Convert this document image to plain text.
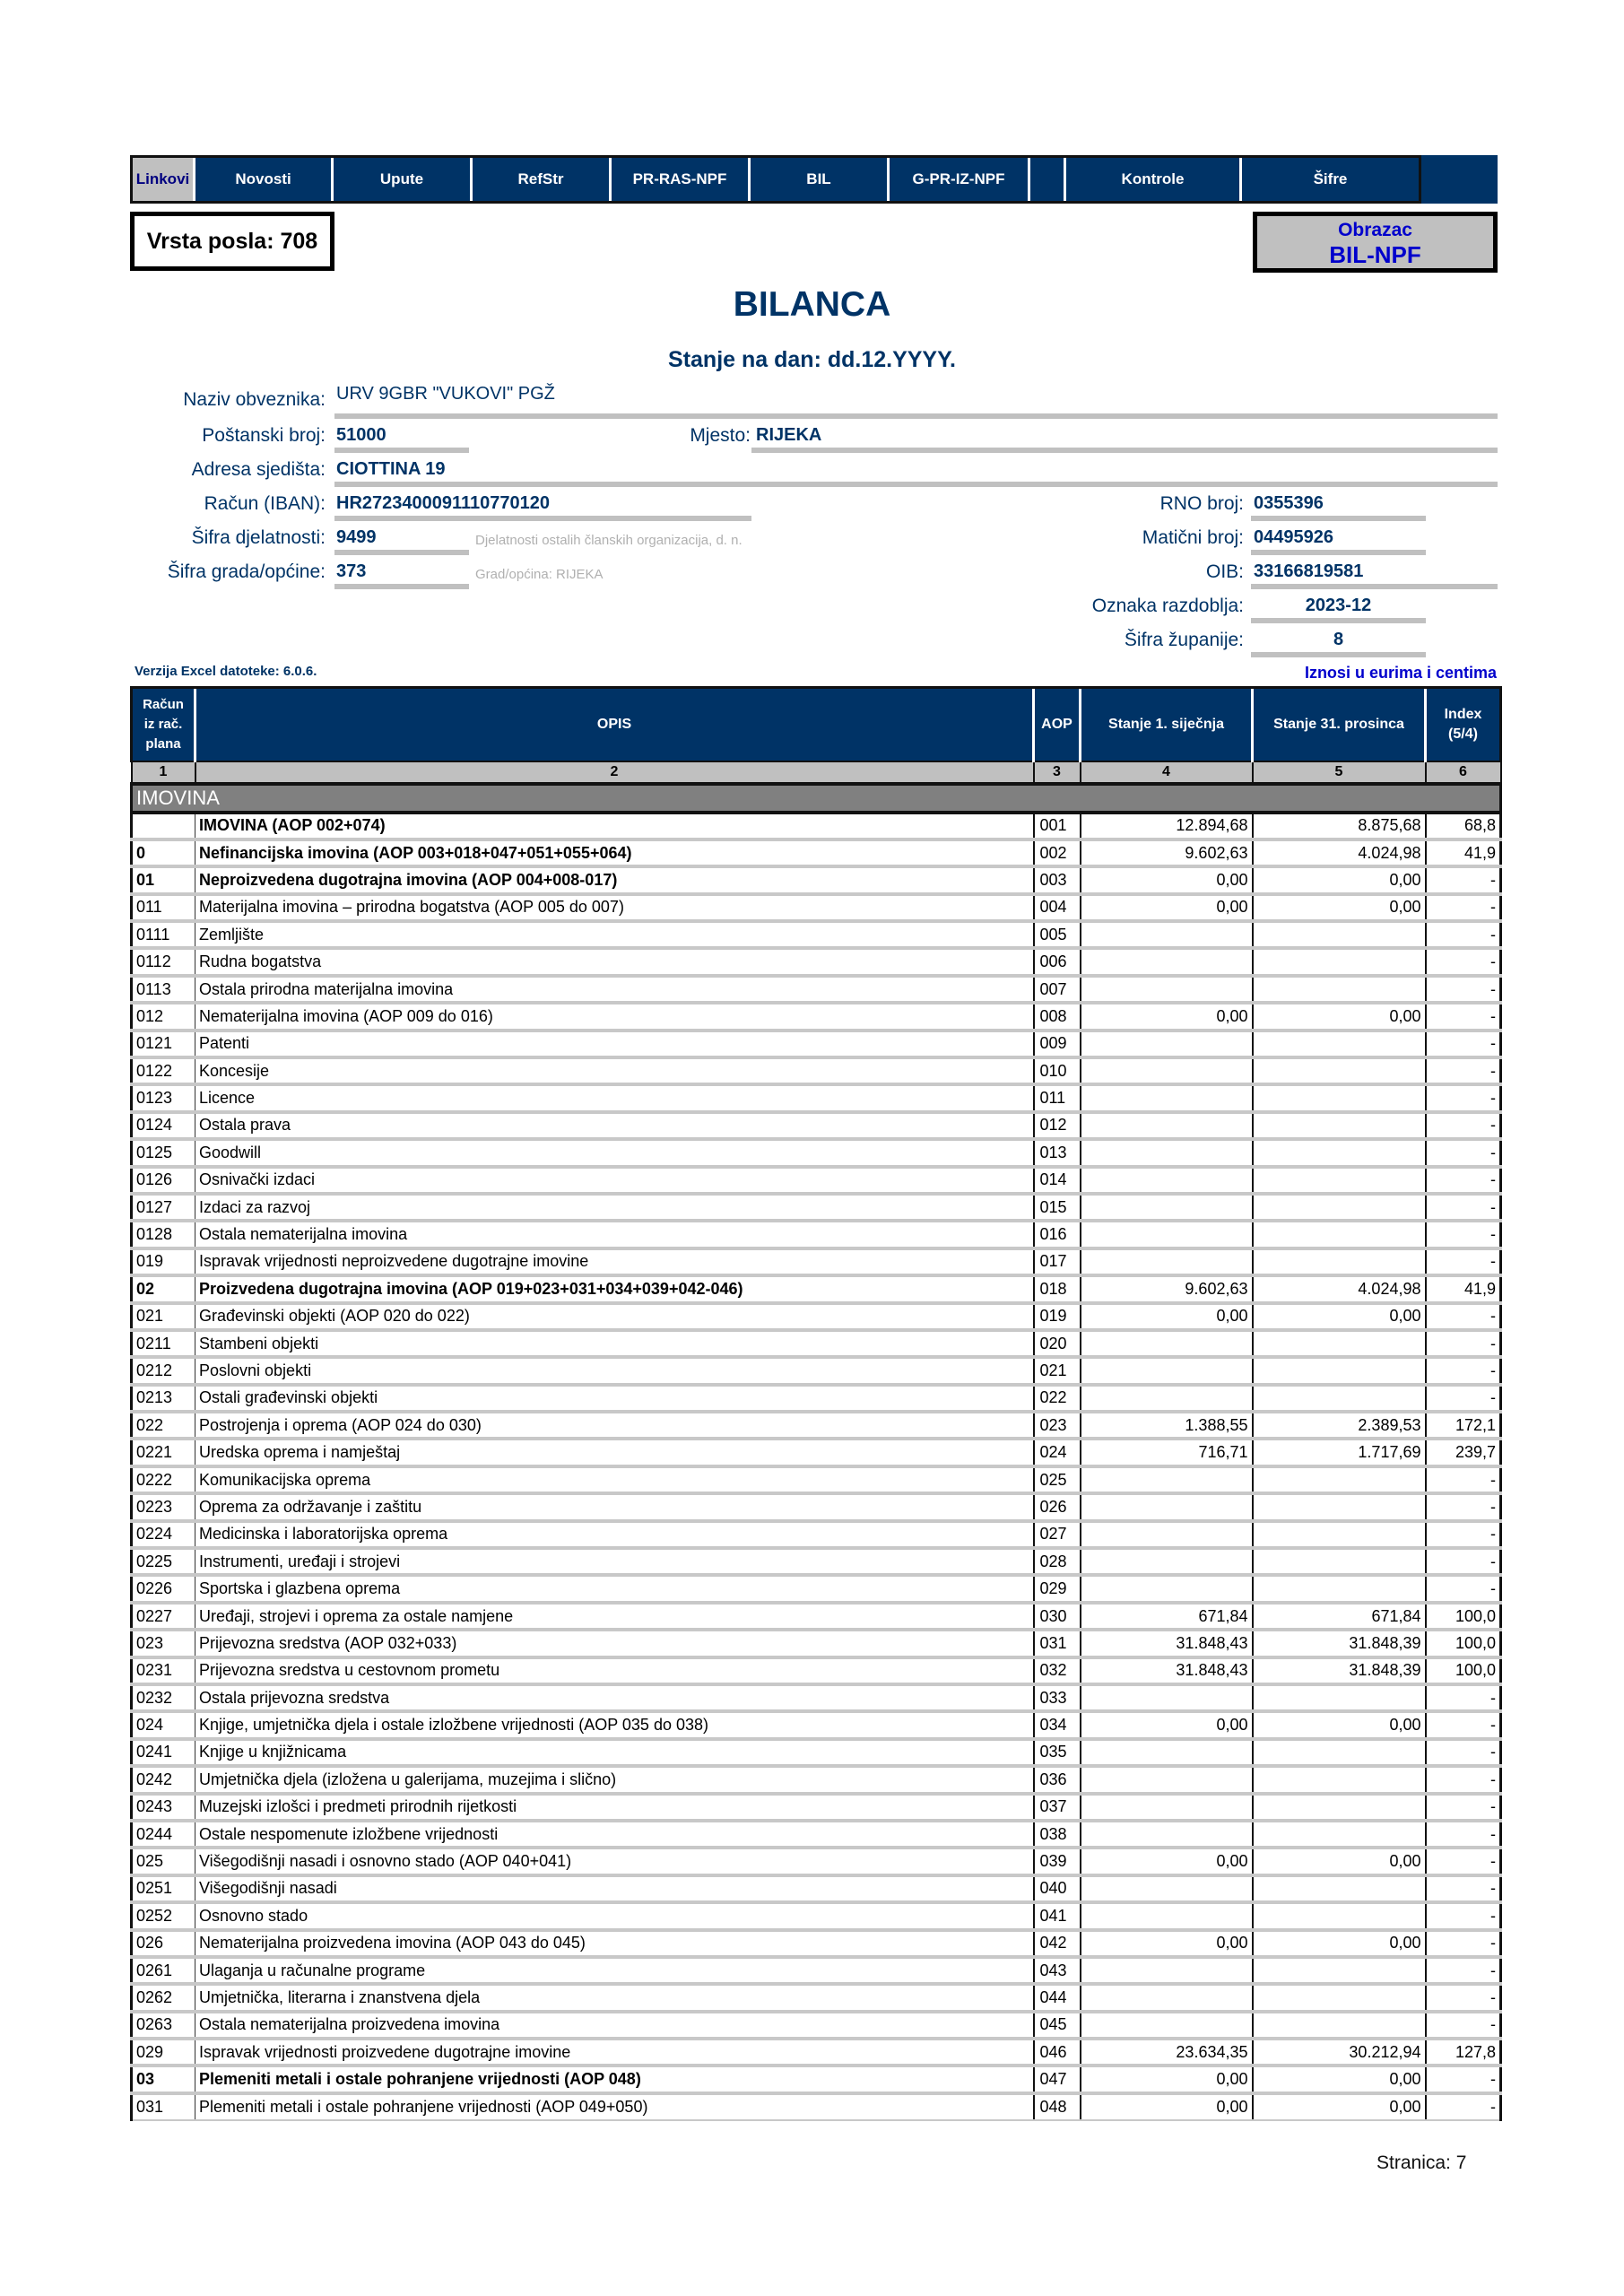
Linkovi	Novosti	Upute	RefStr	PR-RAS-NPF	BIL	G-PR-IZ-NPF	Kontrole	Šifre
Vrsta posla: 708	Obrazac
BIL-NPF
BILANCA
Stanje na dan: dd.12.YYYY.
Naziv obveznika: URV 9GBR "VUKOVI" PGŽ
Poštanski broj: 51000	Mjesto: RIJEKA
Adresa sjedišta: CIOTTINA 19
Račun (IBAN): HR2723400091110770120
Šifra djelatnosti: 9499	Djelatnosti ostalih članskih organizacija, d. n.
Šifra grada/općine: 373	Grad/općina: RIJEKA
RNO broj: 0355396
Matični broj: 04495926
OIB: 33166819581
Oznaka razdoblja:	2023-12
Šifra županije:	8
Verzija Excel datoteke: 6.0.6.	Iznosi u eurima i centima
Račun
iz rač.
plana
	OPIS	AOP	Stanje 1. siječnja	Stanje 31. prosinca	
Index
(5/4)

1	2	3	4	5	6
IMOVINA					
	IMOVINA (AOP 002+074)	001	12.894,68	8.875,68	68,8
0	Nefinancijska imovina (AOP 003+018+047+051+055+064)	002	9.602,63	4.024,98	41,9
01	Neproizvedena dugotrajna imovina (AOP 004+008-017)	003	0,00	0,00	-
011	Materijalna imovina – prirodna bogatstva (AOP 005 do 007)	004	0,00	0,00	-
0111	Zemljište	005			-
0112	Rudna bogatstva	006			-
0113	Ostala prirodna materijalna imovina	007			-
012	Nematerijalna imovina (AOP 009 do 016)	008	0,00	0,00	-
0121	Patenti	009			-
0122	Koncesije	010			-
0123	Licence	011			-
0124	Ostala prava	012			-
0125	Goodwill	013			-
0126	Osnivački izdaci	014			-
0127	Izdaci za razvoj	015			-
0128	Ostala nematerijalna imovina	016			-
019	Ispravak vrijednosti neproizvedene dugotrajne imovine	017			-
02	Proizvedena dugotrajna imovina (AOP 019+023+031+034+039+042-046)	018	9.602,63	4.024,98	41,9
021	Građevinski objekti (AOP 020 do 022)	019	0,00	0,00	-
0211	Stambeni objekti	020			-
0212	Poslovni objekti	021			-
0213	Ostali građevinski objekti	022			-
022	Postrojenja i oprema (AOP 024 do 030)	023	1.388,55	2.389,53	172,1
0221	Uredska oprema i namještaj	024	716,71	1.717,69	239,7
0222	Komunikacijska oprema	025			-
0223	Oprema za održavanje i zaštitu	026			-
0224	Medicinska i laboratorijska oprema	027			-
0225	Instrumenti, uređaji i strojevi	028			-
0226	Sportska i glazbena oprema	029			-
0227	Uređaji, strojevi i oprema za ostale namjene	030	671,84	671,84	100,0
023	Prijevozna sredstva (AOP 032+033)	031	31.848,43	31.848,39	100,0
0231	Prijevozna sredstva u cestovnom prometu	032	31.848,43	31.848,39	100,0
0232	Ostala prijevozna sredstva	033			-
024	Knjige, umjetnička djela i ostale izložbene vrijednosti (AOP 035 do 038)	034	0,00	0,00	-
0241	Knjige u knjižnicama	035			-
0242	Umjetnička djela (izložena u galerijama, muzejima i slično)	036			-
0243	Muzejski izlošci i predmeti prirodnih rijetkosti	037			-
0244	Ostale nespomenute izložbene vrijednosti	038			-
025	Višegodišnji nasadi i osnovno stado (AOP 040+041)	039	0,00	0,00	-
0251	Višegodišnji nasadi	040			-
0252	Osnovno stado	041			-
026	Nematerijalna proizvedena imovina (AOP 043 do 045)	042	0,00	0,00	-
0261	Ulaganja u računalne programe	043			-
0262	Umjetnička, literarna i znanstvena djela	044			-
0263	Ostala nematerijalna proizvedena imovina	045			-
029	Ispravak vrijednosti proizvedene dugotrajne imovine	046	23.634,35	30.212,94	127,8
03	Plemeniti metali i ostale pohranjene vrijednosti (AOP 048)	047	0,00	0,00	-
031	Plemeniti metali i ostale pohranjene vrijednosti (AOP 049+050)	048	0,00	0,00	-
Stranica: 7
